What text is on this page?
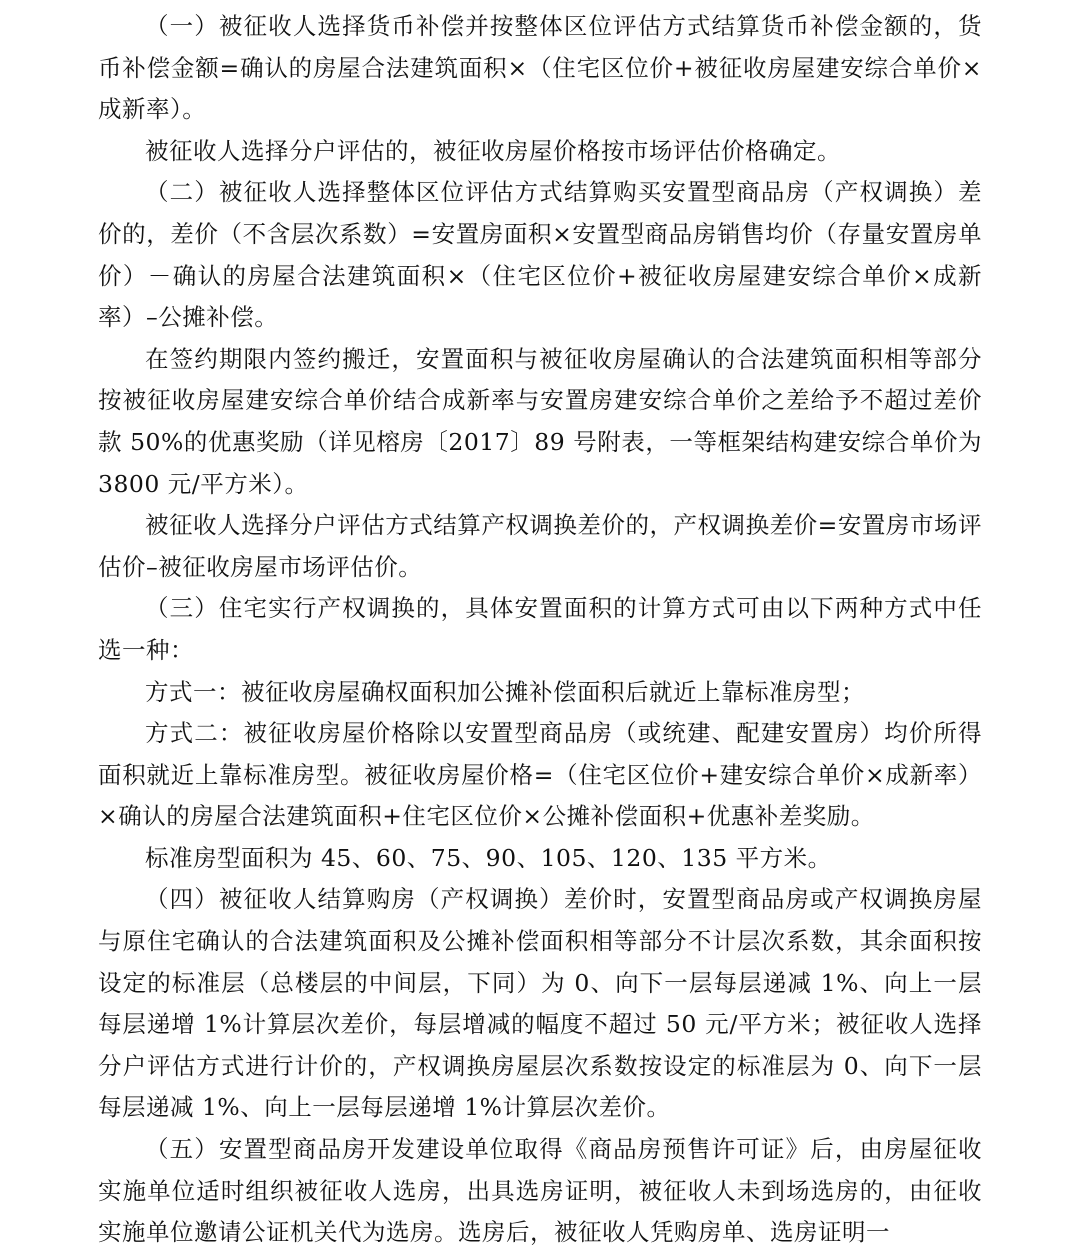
（一）被征收人选择货币补偿并按整体区位评估方式结算货币补偿金额的，货币补偿金额=确认的房屋合法建筑面积×（住宅区位价+被征收房屋建安综合单价×成新率）。

被征收人选择分户评估的，被征收房屋价格按市场评估价格确定。

（二）被征收人选择整体区位评估方式结算购买安置型商品房（产权调换）差价的，差价（不含层次系数）=安置房面积×安置型商品房销售均价（存量安置房单价）－确认的房屋合法建筑面积×（住宅区位价+被征收房屋建安综合单价×成新率）–公摊补偿。

在签约期限内签约搬迁，安置面积与被征收房屋确认的合法建筑面积相等部分按被征收房屋建安综合单价结合成新率与安置房建安综合单价之差给予不超过差价款 50%的优惠奖励（详见榕房〔2017〕89 号附表，一等框架结构建安综合单价为 3800 元/平方米）。

被征收人选择分户评估方式结算产权调换差价的，产权调换差价=安置房市场评估价–被征收房屋市场评估价。

（三）住宅实行产权调换的，具体安置面积的计算方式可由以下两种方式中任选一种：

方式一：被征收房屋确权面积加公摊补偿面积后就近上靠标准房型；

方式二：被征收房屋价格除以安置型商品房（或统建、配建安置房）均价所得面积就近上靠标准房型。被征收房屋价格=（住宅区位价+建安综合单价×成新率）×确认的房屋合法建筑面积+住宅区位价×公摊补偿面积+优惠补差奖励。

标准房型面积为 45、60、75、90、105、120、135 平方米。

（四）被征收人结算购房（产权调换）差价时，安置型商品房或产权调换房屋与原住宅确认的合法建筑面积及公摊补偿面积相等部分不计层次系数，其余面积按设定的标准层（总楼层的中间层，下同）为 0、向下一层每层递减 1%、向上一层每层递增 1%计算层次差价，每层增减的幅度不超过 50 元/平方米；被征收人选择分户评估方式进行计价的，产权调换房屋层次系数按设定的标准层为 0、向下一层每层递减 1%、向上一层每层递增 1%计算层次差价。

（五）安置型商品房开发建设单位取得《商品房预售许可证》后，由房屋征收实施单位适时组织被征收人选房，出具选房证明，被征收人未到场选房的，由征收实施单位邀请公证机关代为选房。选房后，被征收人凭购房单、选房证明一
